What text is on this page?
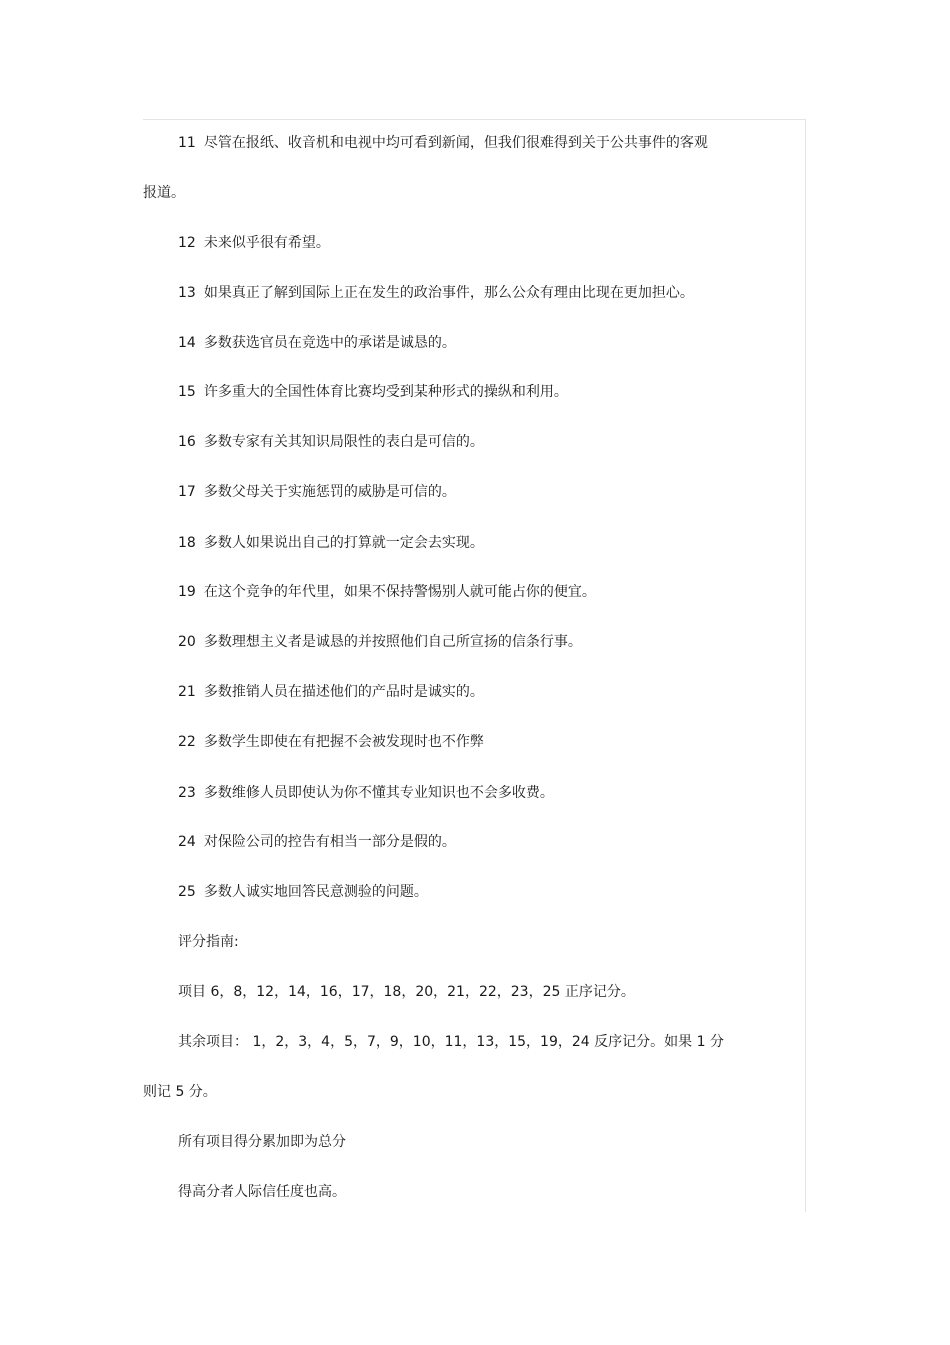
11 尽管在报纸、收音机和电视中均可看到新闻，但我们很难得到关于公共事件的客观
报道。
12 未来似乎很有希望。
13 如果真正了解到国际上正在发生的政治事件，那么公众有理由比现在更加担心。
14 多数获选官员在竞选中的承诺是诚恳的。
15 许多重大的全国性体育比赛均受到某种形式的操纵和利用。
16 多数专家有关其知识局限性的表白是可信的。
17 多数父母关于实施惩罚的威胁是可信的。
18 多数人如果说出自己的打算就一定会去实现。
19 在这个竞争的年代里，如果不保持警惕别人就可能占你的便宜。
20 多数理想主义者是诚恳的并按照他们自己所宣扬的信条行事。
21 多数推销人员在描述他们的产品时是诚实的。
22 多数学生即使在有把握不会被发现时也不作弊
23 多数维修人员即使认为你不懂其专业知识也不会多收费。
24 对保险公司的控告有相当一部分是假的。
25 多数人诚实地回答民意测验的问题。
评分指南:
项目 6，8，12，14，16，17，18，20，21，22，23，25 正序记分。
其余项目： 1，2，3，4，5，7，9，10，11，13，15，19，24 反序记分。如果 1 分
则记 5 分。
所有项目得分累加即为总分
得高分者人际信任度也高。
